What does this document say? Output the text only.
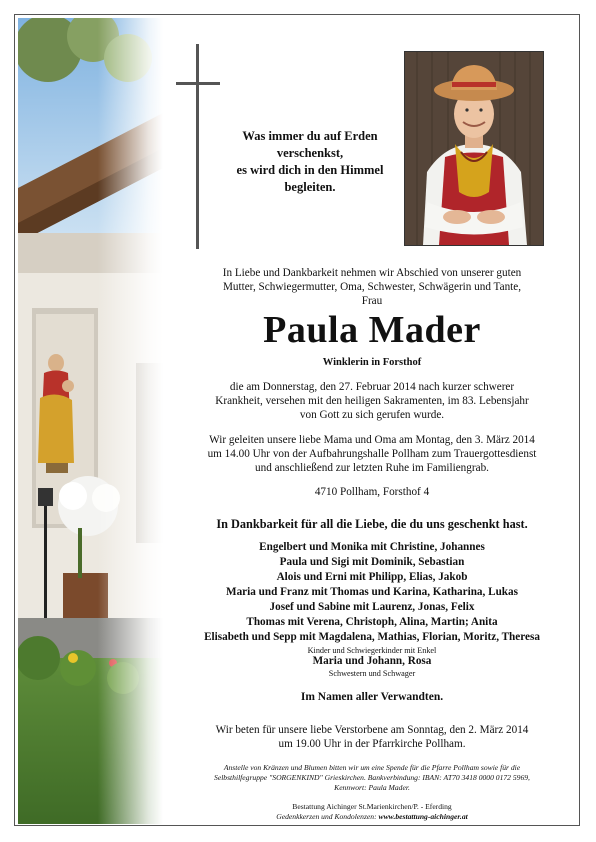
Was immer du auf Erden
verschenkst,
es wird dich in den Himmel
begleiten.
In Liebe und Dankbarkeit nehmen wir Abschied von unserer guten
Mutter, Schwiegermutter, Oma, Schwester, Schwägerin und Tante,
Frau
Paula Mader
Winklerin in Forsthof
die am Donnerstag, den 27. Februar 2014 nach kurzer schwerer
Krankheit, versehen mit den heiligen Sakramenten, im 83. Lebensjahr
von Gott zu sich gerufen wurde.
Wir geleiten unsere liebe Mama und Oma am Montag, den 3. März 2014
um 14.00 Uhr von der Aufbahrungshalle Pollham zum Trauergottesdienst
und anschließend zur letzten Ruhe im Familiengrab.
4710 Pollham, Forsthof 4
In Dankbarkeit für all die Liebe, die du uns geschenkt hast.
Engelbert und Monika mit Christine, Johannes
Paula und Sigi mit Dominik, Sebastian
Alois und Erni mit Philipp, Elias, Jakob
Maria und Franz mit Thomas und Karina, Katharina, Lukas
Josef und Sabine mit Laurenz, Jonas, Felix
Thomas mit Verena, Christoph, Alina, Martin; Anita
Elisabeth und Sepp mit Magdalena, Mathias, Florian, Moritz, Theresa
Kinder und Schwiegerkinder mit Enkel
Maria und Johann, Rosa
Schwestern und Schwager
Im Namen aller Verwandten.
Wir beten für unsere liebe Verstorbene am Sonntag, den 2. März 2014
um 19.00 Uhr in der Pfarrkirche Pollham.
Anstelle von Kränzen und Blumen bitten wir um eine Spende für die Pfarre Pollham sowie für die
Selbsthilfegruppe "SORGENKIND" Grieskirchen. Bankverbindung: IBAN: AT70 3418 0000 0172 5969,
Kennwort: Paula Mader.
Bestattung Aichinger St.Marienkirchen/P. - Eferding
Gedenkkerzen und Kondolenzen: www.bestattung-aichinger.at
